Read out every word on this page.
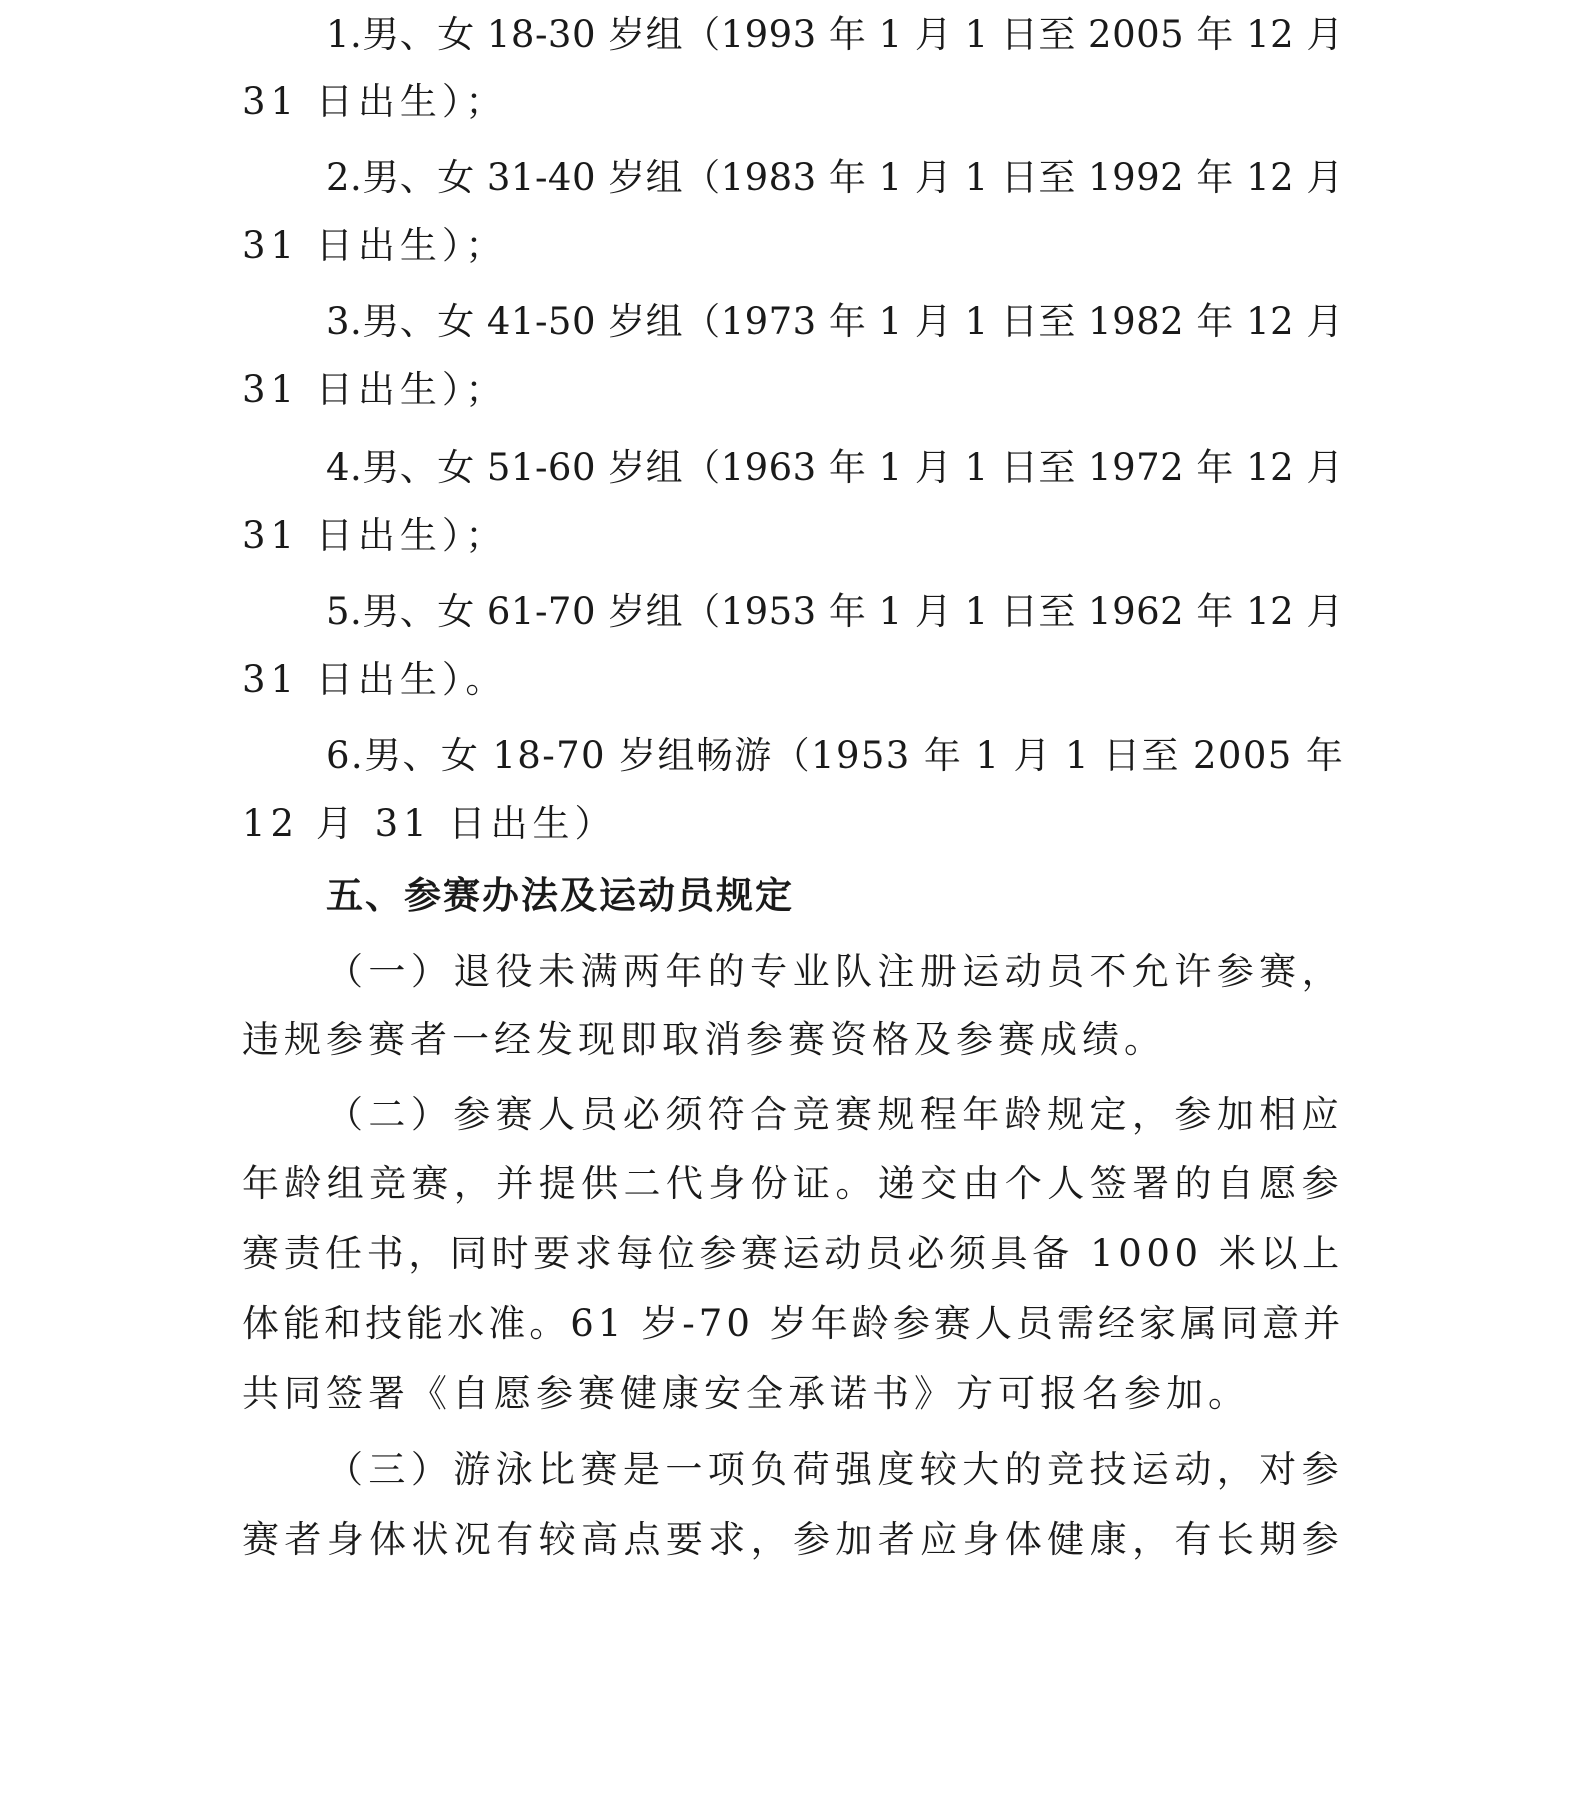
1.男、女 18-30 岁组（1993 年 1 月 1 日至 2005 年 12 月
31 日出生）；
2.男、女 31-40 岁组（1983 年 1 月 1 日至 1992 年 12 月
31 日出生）；
3.男、女 41-50 岁组（1973 年 1 月 1 日至 1982 年 12 月
31 日出生）；
4.男、女 51-60 岁组（1963 年 1 月 1 日至 1972 年 12 月
31 日出生）；
5.男、女 61-70 岁组（1953 年 1 月 1 日至 1962 年 12 月
31 日出生）。
6.男、女 18-70 岁组畅游（1953 年 1 月 1 日至 2005 年
12 月 31 日出生）
五、参赛办法及运动员规定
（一）退役未满两年的专业队注册运动员不允许参赛，
违规参赛者一经发现即取消参赛资格及参赛成绩。
（二）参赛人员必须符合竞赛规程年龄规定，参加相应
年龄组竞赛，并提供二代身份证。递交由个人签署的自愿参
赛责任书，同时要求每位参赛运动员必须具备 1000 米以上
体能和技能水准。61 岁-70 岁年龄参赛人员需经家属同意并
共同签署《自愿参赛健康安全承诺书》方可报名参加。
（三）游泳比赛是一项负荷强度较大的竞技运动，对参
赛者身体状况有较高点要求，参加者应身体健康，有长期参
